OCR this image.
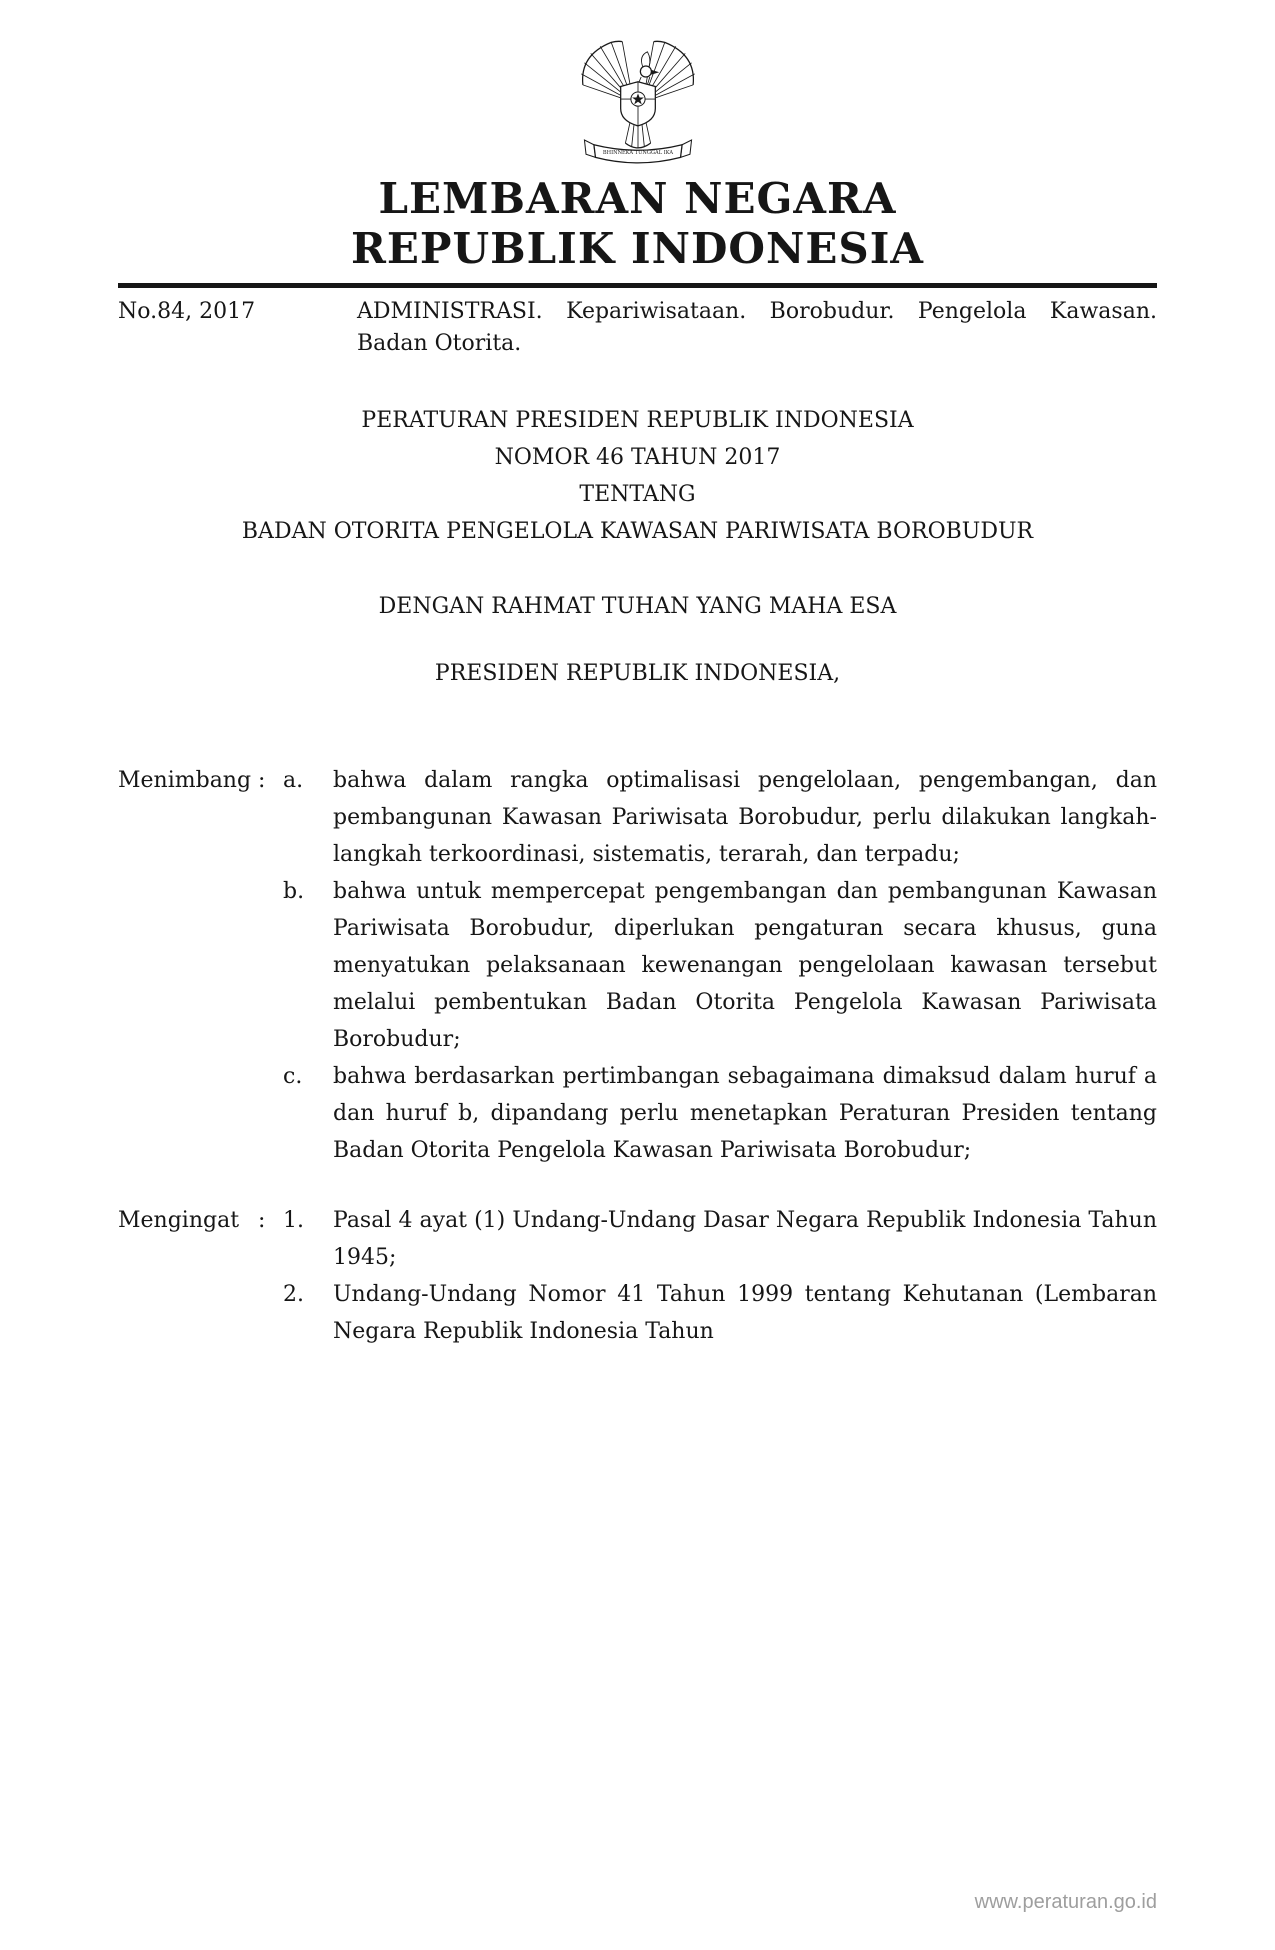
BHINNEKA TUNGGAL IKA
LEMBARAN NEGARA
REPUBLIK INDONESIA
No.84, 2017	ADMINISTRASI. Kepariwisataan. Borobudur. Pengelola Kawasan. Badan Otorita.
PERATURAN PRESIDEN REPUBLIK INDONESIA
NOMOR 46 TAHUN 2017
TENTANG
BADAN OTORITA PENGELOLA KAWASAN PARIWISATA BOROBUDUR
DENGAN RAHMAT TUHAN YANG MAHA ESA
PRESIDEN REPUBLIK INDONESIA,
Menimbang : a.	bahwa dalam rangka optimalisasi pengelolaan, pengembangan, dan pembangunan Kawasan Pariwisata Borobudur, perlu dilakukan langkah-langkah terkoordinasi, sistematis, terarah, dan terpadu;
b.	bahwa untuk mempercepat pengembangan dan pembangunan Kawasan Pariwisata Borobudur, diperlukan pengaturan secara khusus, guna menyatukan pelaksanaan kewenangan pengelolaan kawasan tersebut melalui pembentukan Badan Otorita Pengelola Kawasan Pariwisata Borobudur;
c.	bahwa berdasarkan pertimbangan sebagaimana dimaksud dalam huruf a dan huruf b, dipandang perlu menetapkan Peraturan Presiden tentang Badan Otorita Pengelola Kawasan Pariwisata Borobudur;
Mengingat : 1.	Pasal 4 ayat (1) Undang-Undang Dasar Negara Republik Indonesia Tahun 1945;
2.	Undang-Undang Nomor 41 Tahun 1999 tentang Kehutanan (Lembaran Negara Republik Indonesia Tahun
www.peraturan.go.id
